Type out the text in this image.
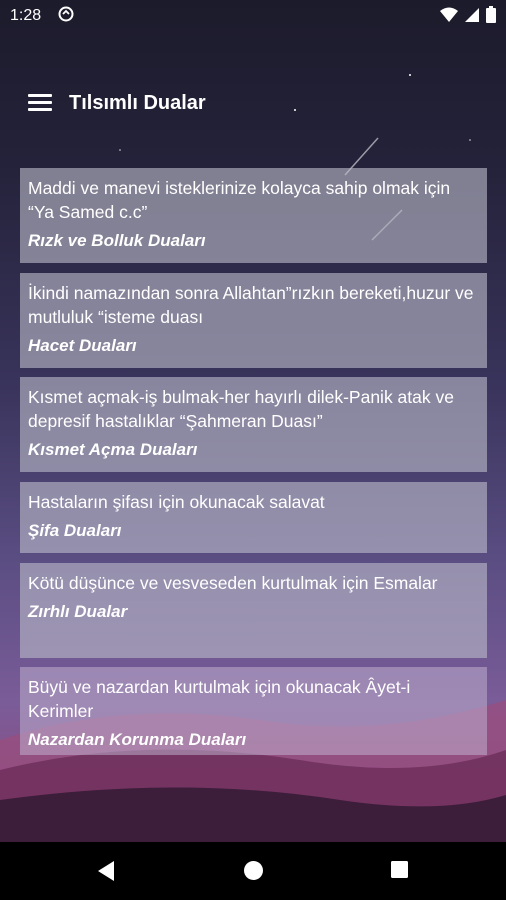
1:28
Tılsımlı Dualar

Maddi ve manevi isteklerinize kolayca sahip olmak için “Ya Samed c.c”

Rızk ve Bolluk Duaları

İkindi namazından sonra Allahtan”rızkın bereketi,huzur ve mutluluk “isteme duası

Hacet Duaları

Kısmet açmak-iş bulmak-her hayırlı dilek-Panik atak ve depresif hastalıklar “Şahmeran Duası”

Kısmet Açma Duaları

Hastaların şifası için okunacak salavat

Şifa Duaları

Kötü düşünce ve vesveseden kurtulmak için Esmalar

Zırhlı Dualar

Büyü ve nazardan kurtulmak için okunacak Âyet-i Kerimler

Nazardan Korunma Duaları
